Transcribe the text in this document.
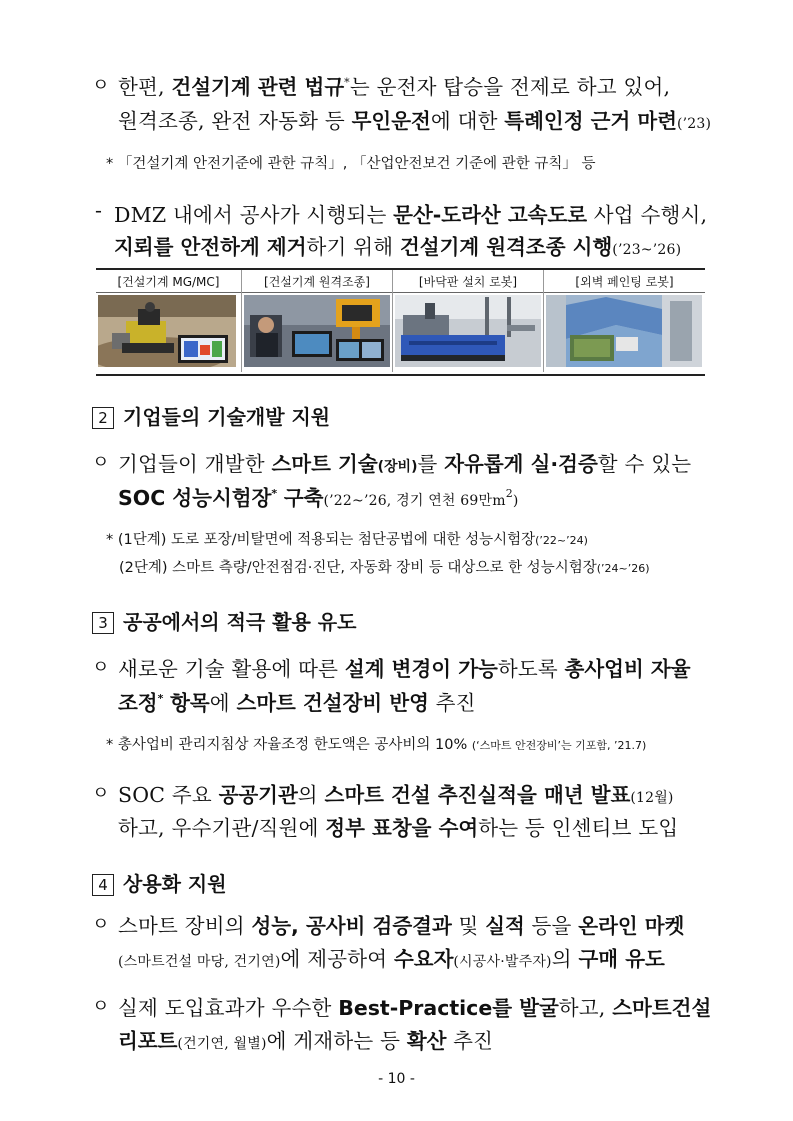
ㅇ 한편, 건설기계 관련 법규*는 운전자 탑승을 전제로 하고 있어,
원격조종, 완전 자동화 등 무인운전에 대한 특례인정 근거 마련(’23)
* 「건설기계 안전기준에 관한 규칙」, 「산업안전보건 기준에 관한 규칙」 등
- DMZ 내에서 공사가 시행되는 문산-도라산 고속도로 사업 수행시,
지뢰를 안전하게 제거하기 위해 건설기계 원격조종 시행(’23~’26)
[건설기계 MG/MC]	[건설기계 원격조종]	[바닥판 설치 로봇]	[외벽 페인팅 로봇]
2 기업들의 기술개발 지원
ㅇ 기업들이 개발한 스마트 기술(장비)를 자유롭게 실·검증할 수 있는
SOC 성능시험장* 구축(’22~’26, 경기 연천 69만$m^2$)
* (1단계) 도로 포장/비탈면에 적용되는 첨단공법에 대한 성능시험장(’22~’24)
(2단계) 스마트 측량/안전점검·진단, 자동화 장비 등 대상으로 한 성능시험장(’24~’26)
3 공공에서의 적극 활용 유도
ㅇ 새로운 기술 활용에 따른 설계 변경이 가능하도록 총사업비 자율
조정* 항목에 스마트 건설장비 반영 추진
* 총사업비 관리지침상 자율조정 한도액은 공사비의 10% (‘스마트 안전장비’는 기포함, ’21.7)
ㅇ SOC 주요 공공기관의 스마트 건설 추진실적을 매년 발표(12월)
하고, 우수기관/직원에 정부 표창을 수여하는 등 인센티브 도입
4 상용화 지원
ㅇ 스마트 장비의 성능, 공사비 검증결과 및 실적 등을 온라인 마켓
(스마트건설 마당, 건기연)에 제공하여 수요자(시공사·발주자)의 구매 유도
ㅇ 실제 도입효과가 우수한 Best-Practice를 발굴하고, 스마트건설
리포트(건기연, 월별)에 게재하는 등 확산 추진
- 10 -
